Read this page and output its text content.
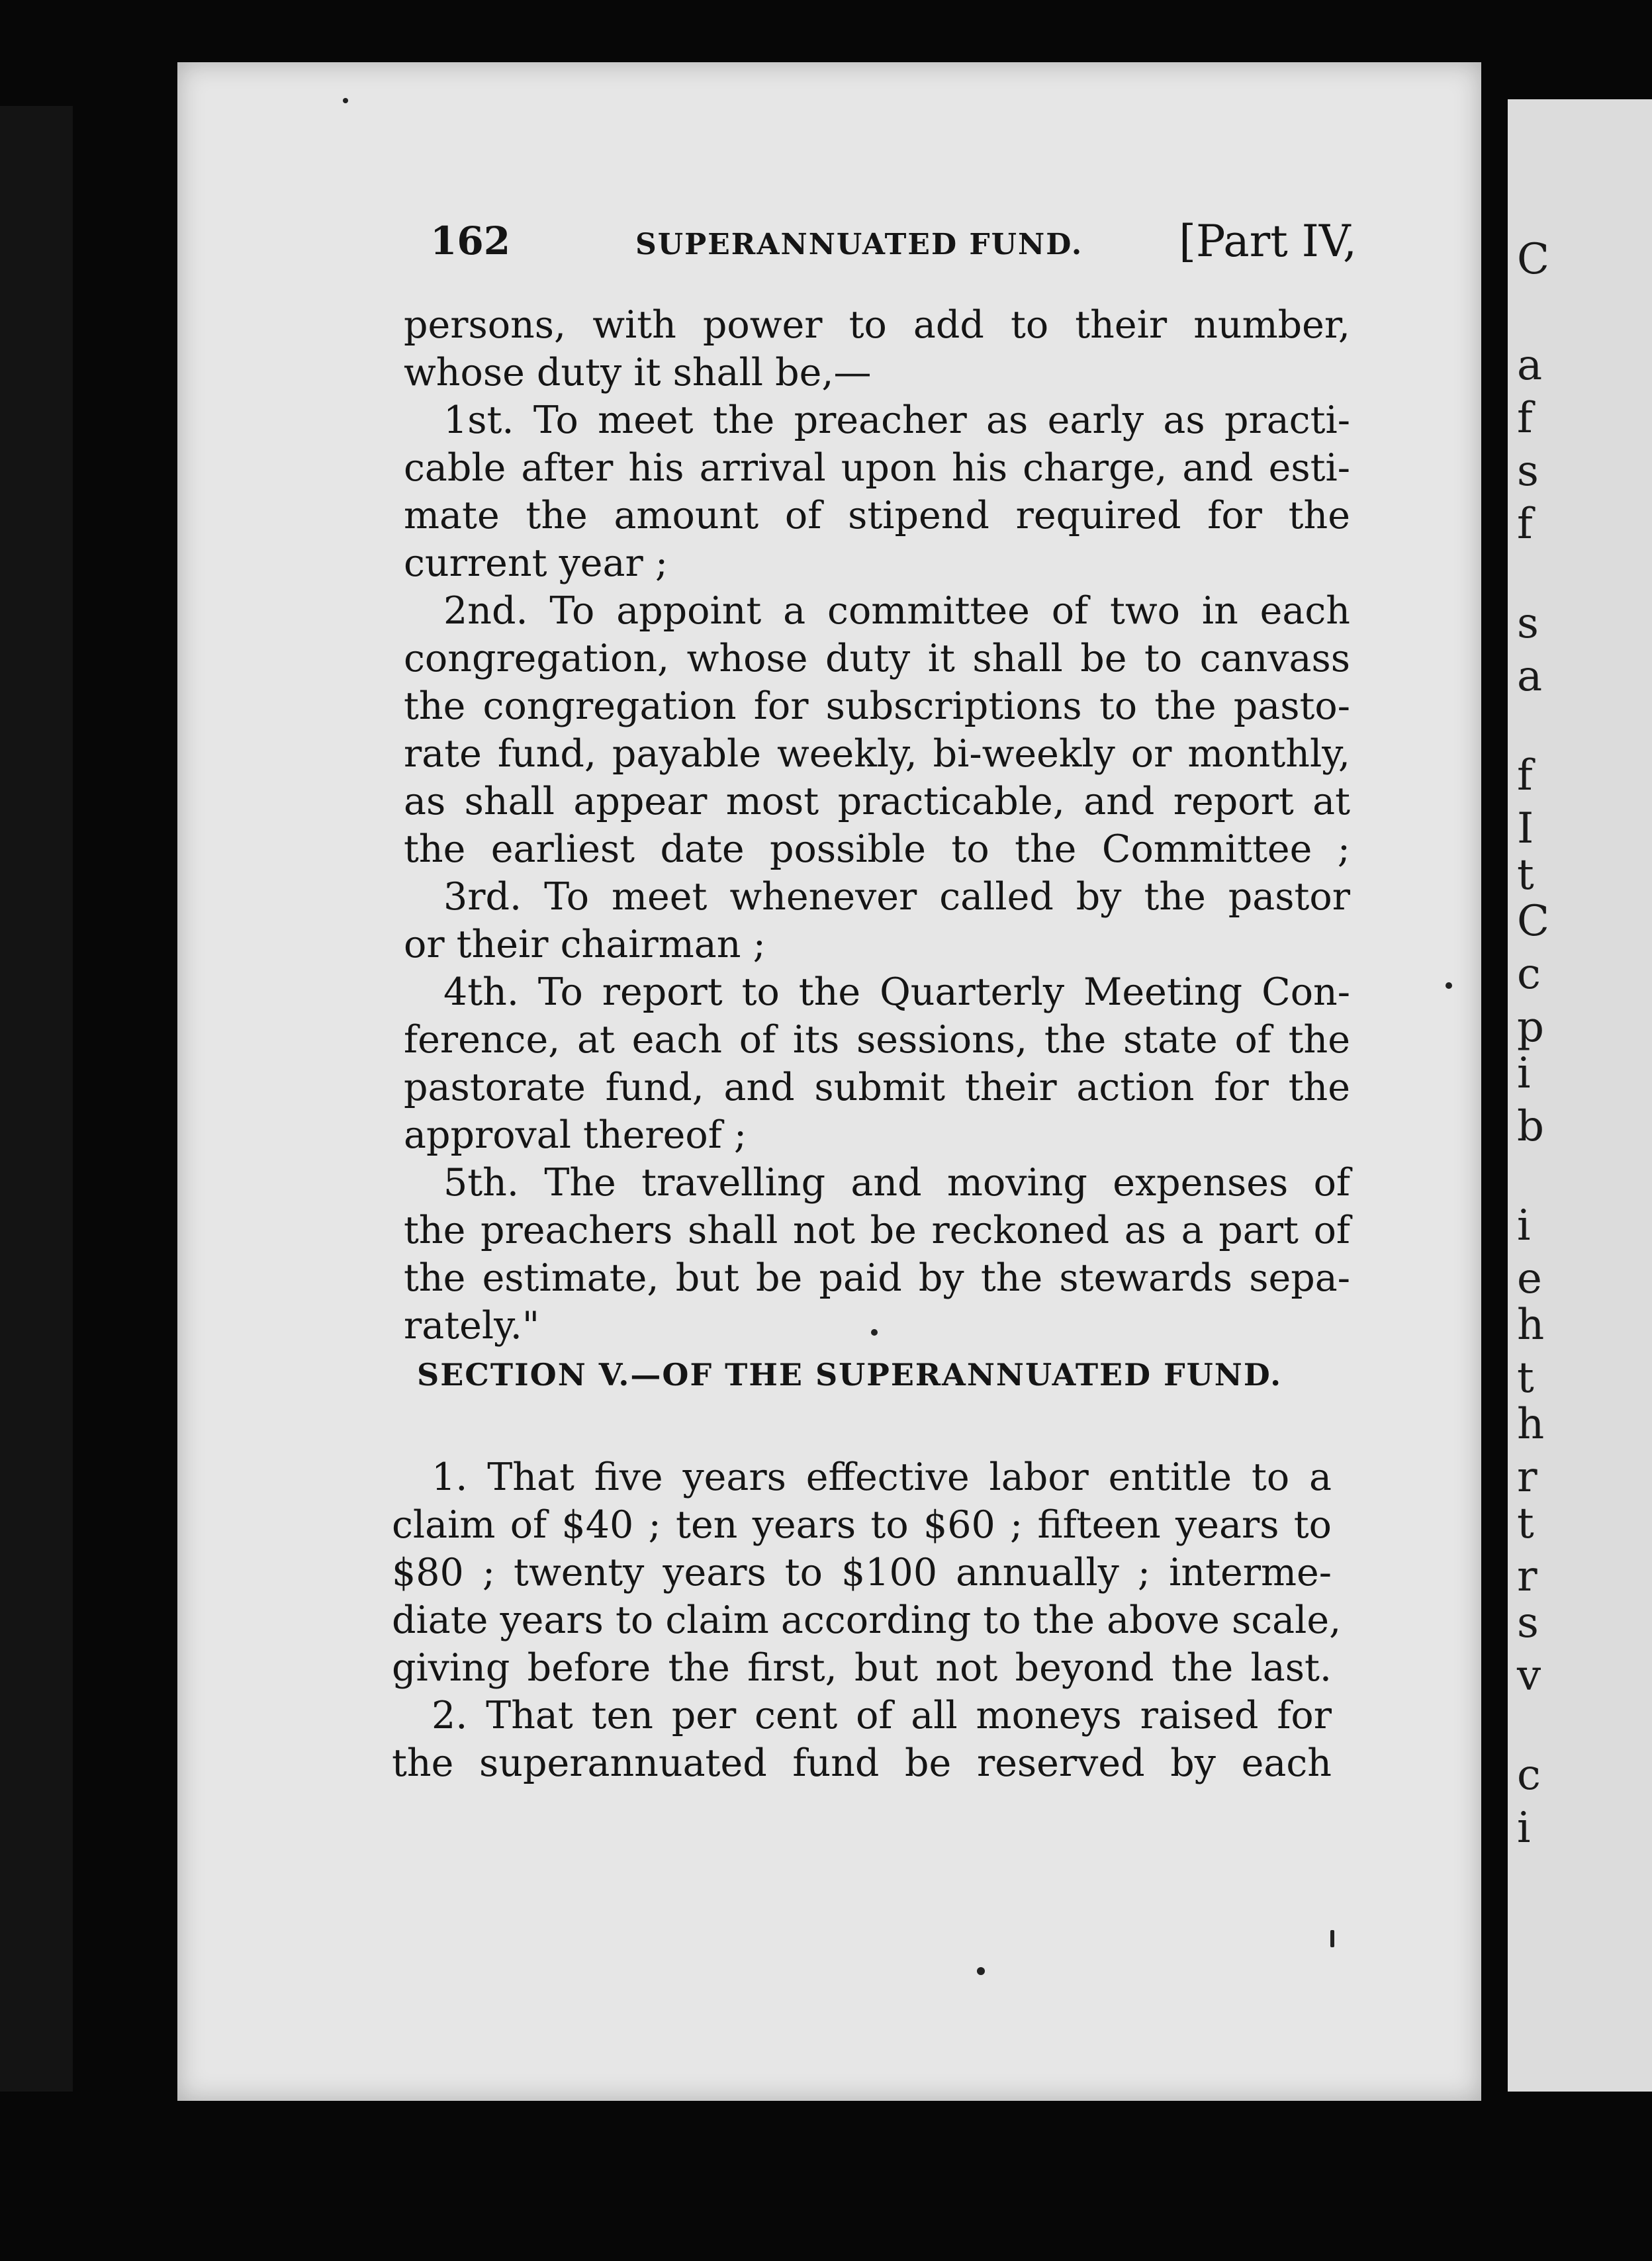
C
a
f
s
f
s
a
f
I
t
C
c
p
i
b
i
e
h
t
h
r
t
r
s
v
c
i
162	SUPERANNUATED FUND. [Part IV,
persons, with power to add to their number,
whose duty it shall be,—
1st. To meet the preacher as early as practi-
cable after his arrival upon his charge, and esti-
mate the amount of stipend required for the
current year ;
2nd. To appoint a committee of two in each
congregation, whose duty it shall be to canvass
the congregation for subscriptions to the pasto-
rate fund, payable weekly, bi-weekly or monthly,
as shall appear most practicable, and report at
the earliest date possible to the Committee ;
3rd. To meet whenever called by the pastor
or their chairman ;
4th. To report to the Quarterly Meeting Con-
ference, at each of its sessions, the state of the
pastorate fund, and submit their action for the
approval thereof ;
5th. The travelling and moving expenses of
the preachers shall not be reckoned as a part of
the estimate, but be paid by the stewards sepa-
rately."
SECTION V.—OF THE SUPERANNUATED FUND.
1. That five years effective labor entitle to a
claim of $40 ; ten years to $60 ; fifteen years to
$80 ; twenty years to $100 annually ; interme-
diate years to claim according to the above scale,
giving before the first, but not beyond the last.
2. That ten per cent of all moneys raised for
the superannuated fund be reserved by each
